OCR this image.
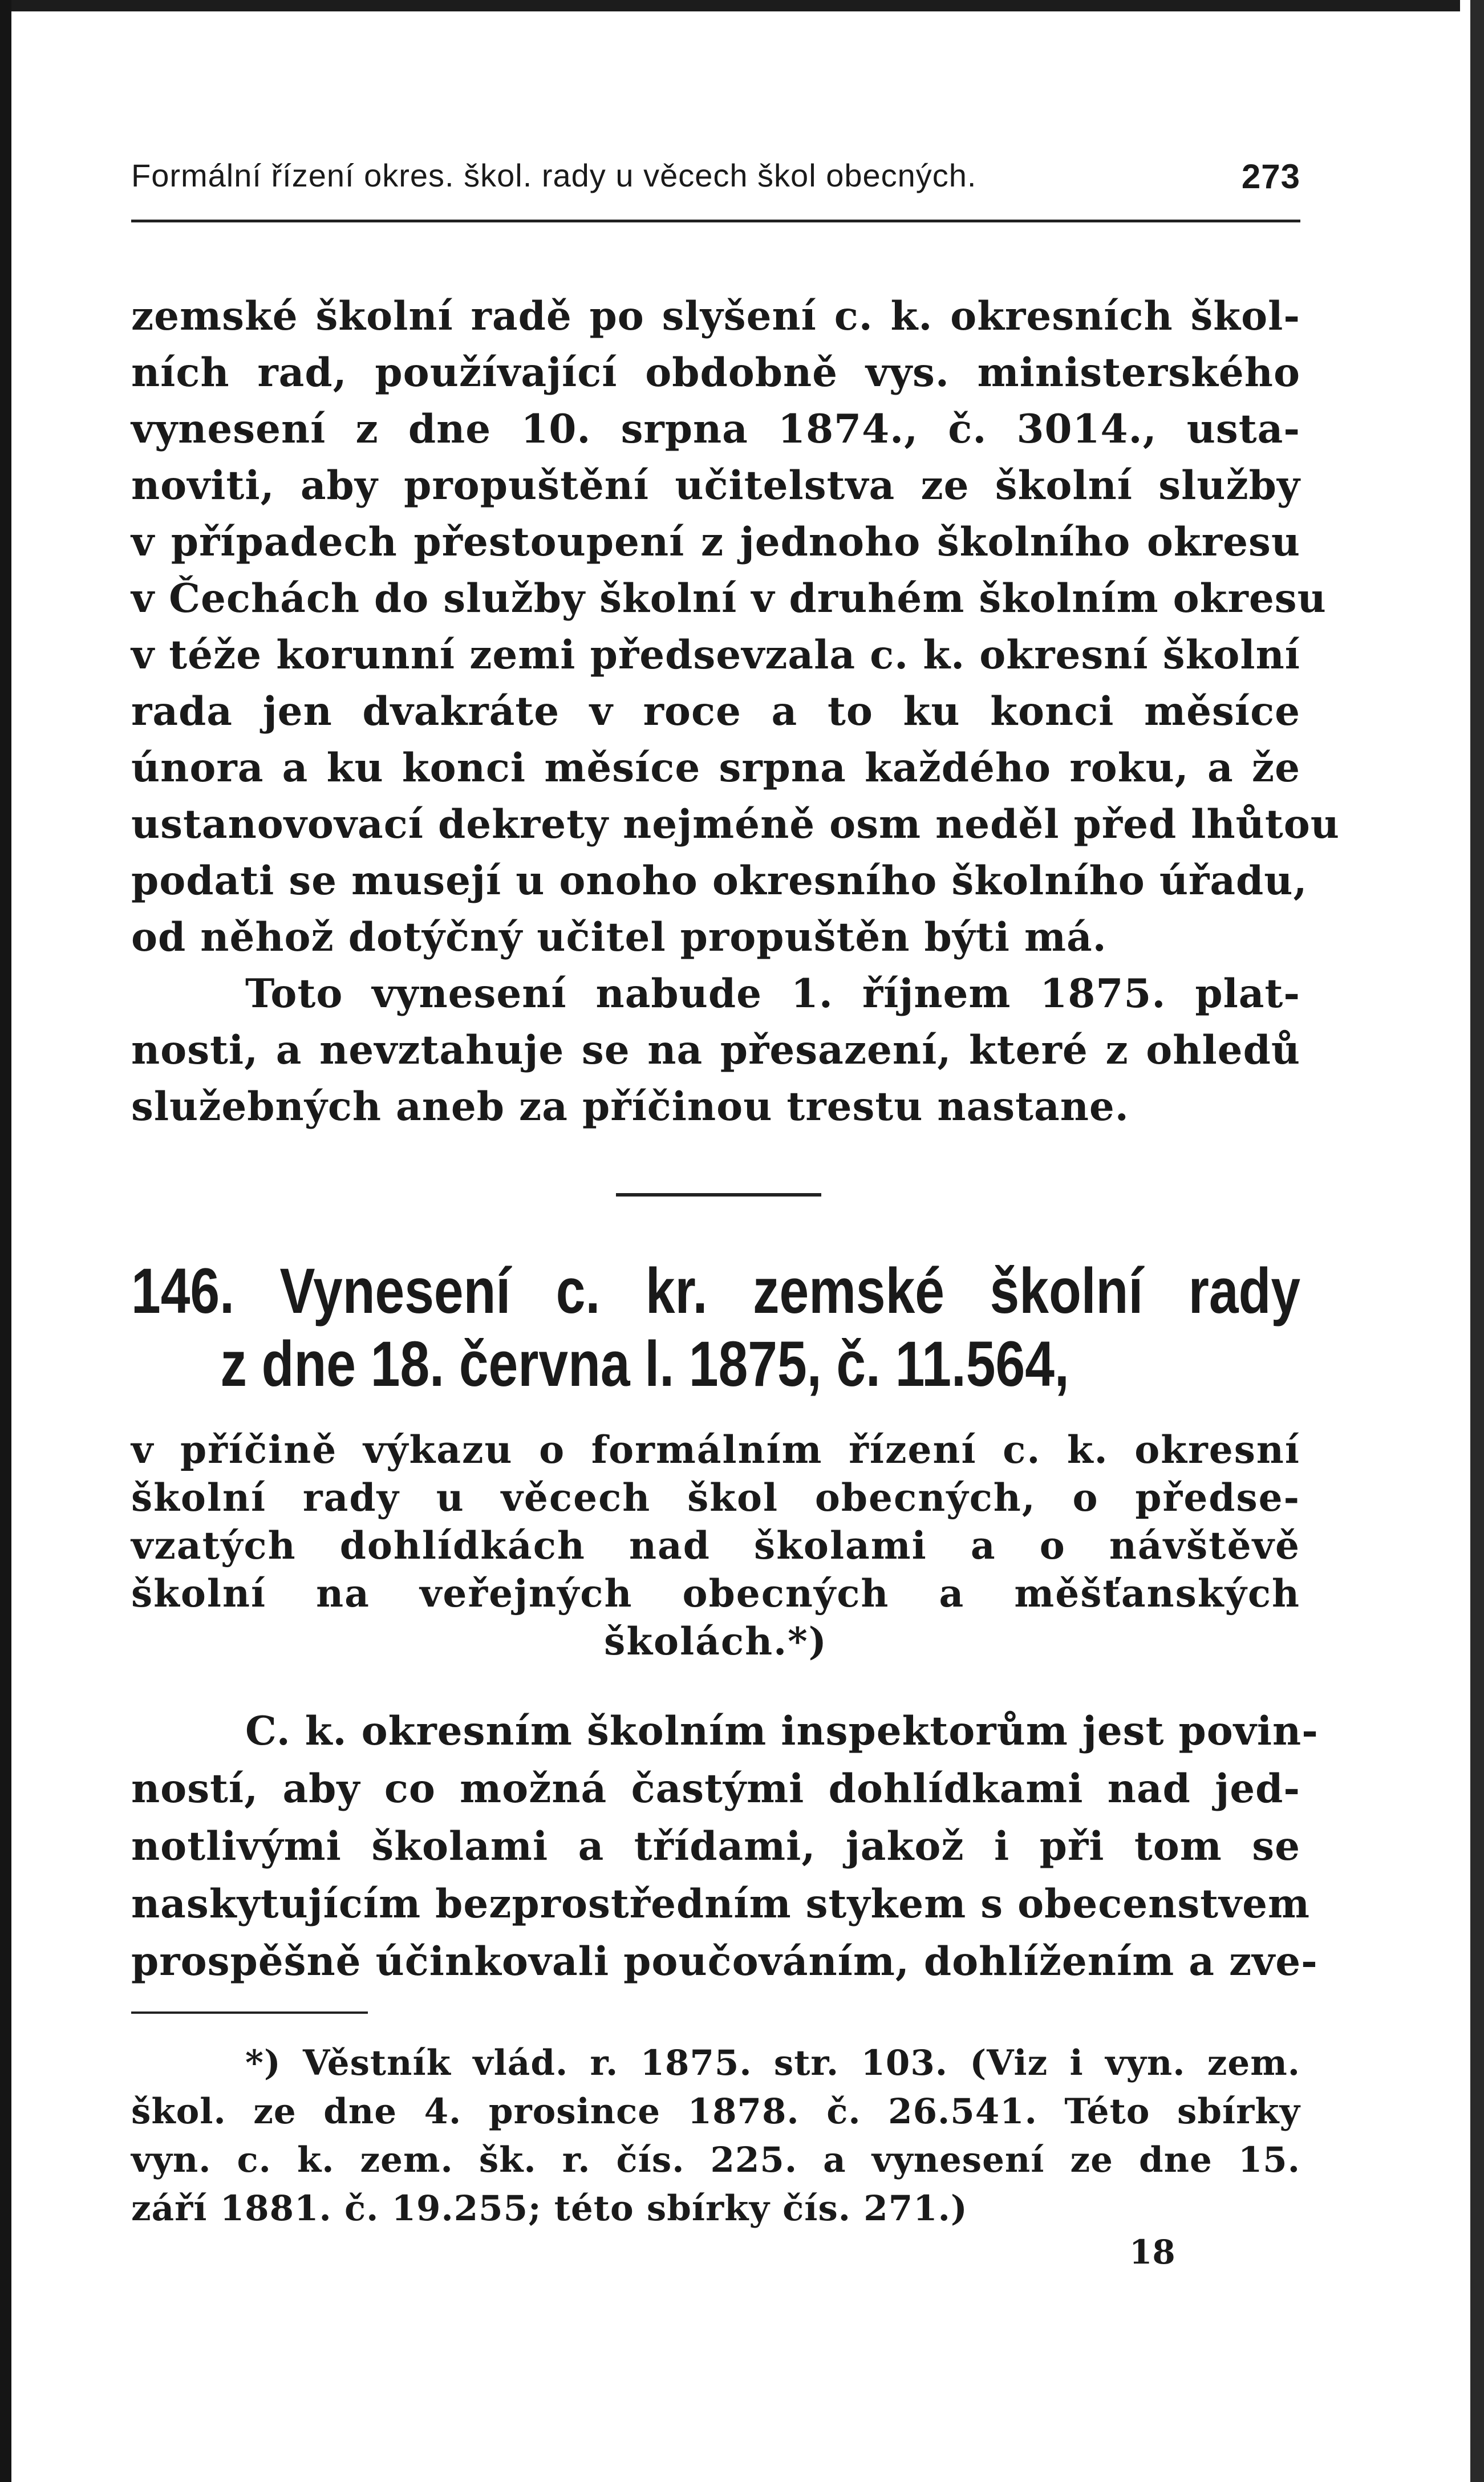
Formální řízení okres. škol. rady u věcech škol obecných.	273
zemské školní radě po slyšení c. k. okresních škol-
ních rad, používající obdobně vys. ministerského
vynesení z dne 10. srpna 1874., č. 3014., usta-
noviti, aby propuštění učitelstva ze školní služby
v případech přestoupení z jednoho školního okresu
v Čechách do služby školní v druhém školním okresu
v téže korunní zemi předsevzala c. k. okresní školní
rada jen dvakráte v roce a to ku konci měsíce
února a ku konci měsíce srpna každého roku, a že
ustanovovací dekrety nejméně osm neděl před lhůtou
podati se musejí u onoho okresního školního úřadu,
od něhož dotýčný učitel propuštěn býti má.
Toto vynesení nabude 1. říjnem 1875. plat-
nosti, a nevztahuje se na přesazení, které z ohledů
služebných aneb za příčinou trestu nastane.
146. Vynesení c. kr. zemské školní rady
z dne 18. června l. 1875, č. 11.564,
v příčině výkazu o formálním řízení c. k. okresní
školní rady u věcech škol obecných, o předse-
vzatých dohlídkách nad školami a o návštěvě
školní na veřejných obecných a měšťanských
školách.*)
C. k. okresním školním inspektorům jest povin-
ností, aby co možná častými dohlídkami nad jed-
notlivými školami a třídami, jakož i při tom se
naskytujícím bezprostředním stykem s obecenstvem
prospěšně účinkovali poučováním, dohlížením a zve-
*) Věstník vlád. r. 1875. str. 103. (Viz i vyn. zem.
škol. ze dne 4. prosince 1878. č. 26.541. Této sbírky
vyn. c. k. zem. šk. r. čís. 225. a vynesení ze dne 15.
září 1881. č. 19.255; této sbírky čís. 271.)
18
